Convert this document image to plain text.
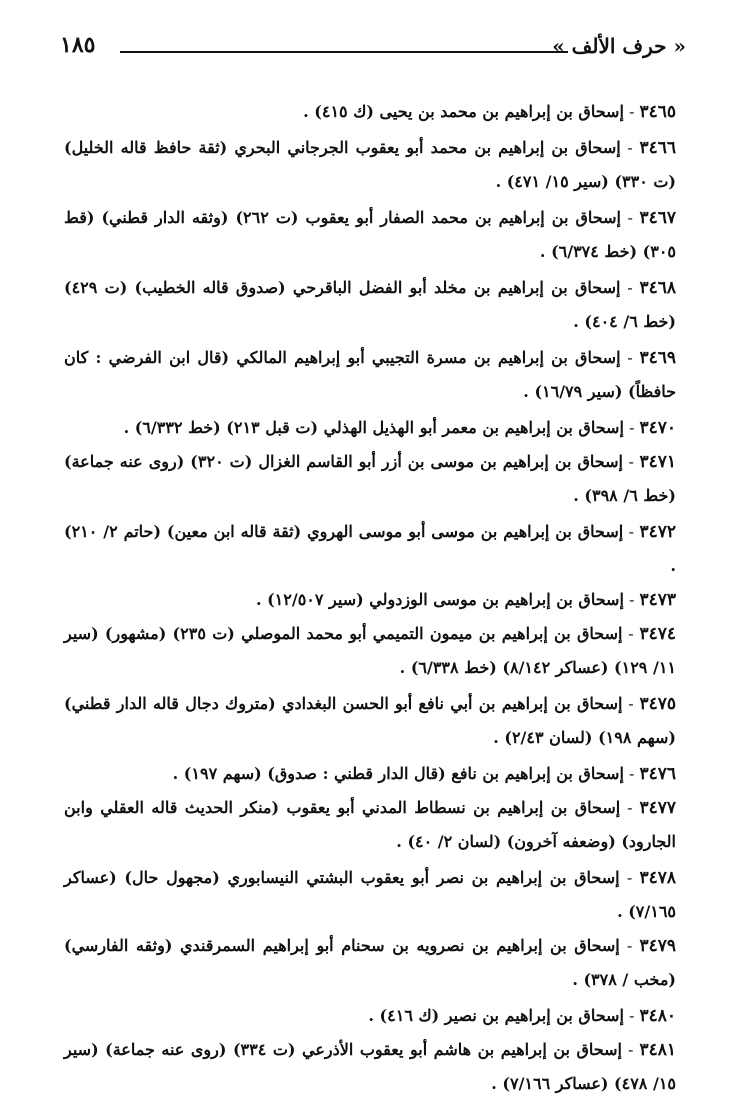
« حرف الألف »
١٨٥
٣٤٦٥ - إسحاق بن إبراهيم بن محمد بن يحيى (ك ٤١٥) .
٣٤٦٦ - إسحاق بن إبراهيم بن محمد أبو يعقوب الجرجاني البحري (ثقة حافظ قاله الخليل) (ت ٣٣٠) (سير ١٥/ ٤٧١) .
٣٤٦٧ - إسحاق بن إبراهيم بن محمد الصفار أبو يعقوب (ت ٢٦٢) (وثقه الدار قطني) (قط ٣٠٥) (خط ٦/٣٧٤) .
٣٤٦٨ - إسحاق بن إبراهيم بن مخلد أبو الفضل الباقرحي (صدوق قاله الخطيب) (ت ٤٢٩) (خط ٦/ ٤٠٤) .
٣٤٦٩ - إسحاق بن إبراهيم بن مسرة التجيبي أبو إبراهيم المالكي (قال ابن الفرضي : كان حافظاً) (سير ١٦/٧٩) .
٣٤٧٠ - إسحاق بن إبراهيم بن معمر أبو الهذيل الهذلي (ت قبل ٢١٣) (خط ٦/٣٣٢) .
٣٤٧١ - إسحاق بن إبراهيم بن موسى بن أزر أبو القاسم الغزال (ت ٣٢٠) (روى عنه جماعة) (خط ٦/ ٣٩٨) .
٣٤٧٢ - إسحاق بن إبراهيم بن موسى أبو موسى الهروي (ثقة قاله ابن معين) (حاتم ٢/ ٢١٠) .
٣٤٧٣ - إسحاق بن إبراهيم بن موسى الوزدولي (سير ١٢/٥٠٧) .
٣٤٧٤ - إسحاق بن إبراهيم بن ميمون التميمي أبو محمد الموصلي (ت ٢٣٥) (مشهور) (سير ١١/ ١٢٩) (عساكر ٨/١٤٢) (خط ٦/٣٣٨) .
٣٤٧٥ - إسحاق بن إبراهيم بن أبي نافع أبو الحسن البغدادي (متروك دجال قاله الدار قطني) (سهم ١٩٨) (لسان ٢/٤٣) .
٣٤٧٦ - إسحاق بن إبراهيم بن نافع (قال الدار قطني : صدوق) (سهم ١٩٧) .
٣٤٧٧ - إسحاق بن إبراهيم بن نسطاط المدني أبو يعقوب (منكر الحديث قاله العقلي وابن الجارود) (وضعفه آخرون) (لسان ٢/ ٤٠) .
٣٤٧٨ - إسحاق بن إبراهيم بن نصر أبو يعقوب البشتي النيسابوري (مجهول حال) (عساكر ٧/١٦٥) .
٣٤٧٩ - إسحاق بن إبراهيم بن نصرويه بن سحنام أبو إبراهيم السمرقندي (وثقه الفارسي) (مخب / ٣٧٨) .
٣٤٨٠ - إسحاق بن إبراهيم بن نصير (ك ٤١٦) .
٣٤٨١ - إسحاق بن إبراهيم بن هاشم أبو يعقوب الأذرعي (ت ٣٣٤) (روى عنه جماعة) (سير ١٥/ ٤٧٨) (عساكر ٧/١٦٦) .
